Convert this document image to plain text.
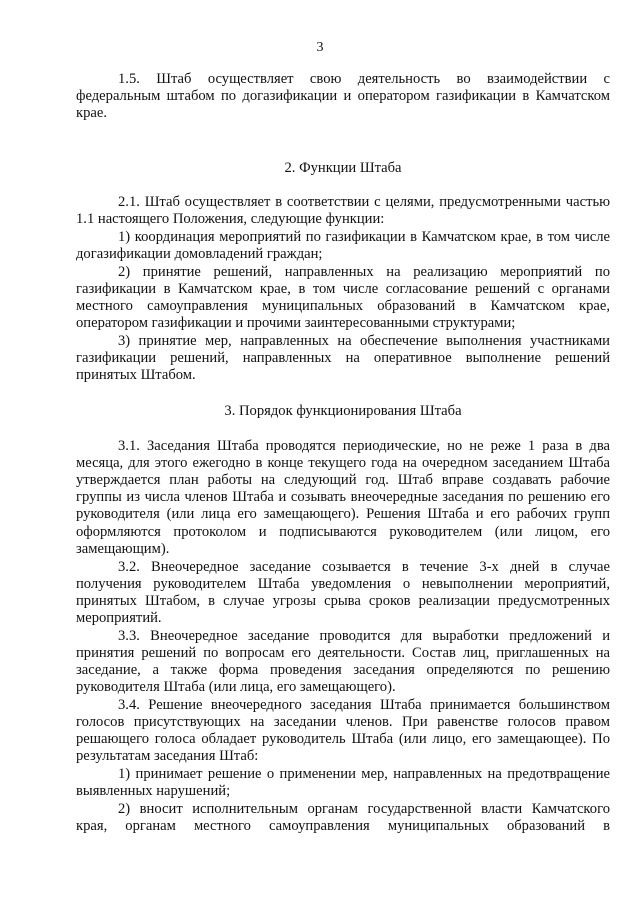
3

1.5. Штаб осуществляет свою деятельность во взаимодействии с

федеральным штабом по догазификации и оператором газификации в Камчатском

крае.

2. Функции Штаба

2.1. Штаб осуществляет в соответствии с целями, предусмотренными частью

1.1 настоящего Положения, следующие функции:

1) координация мероприятий по газификации в Камчатском крае, в том числе

догазификации домовладений граждан;

2) принятие решений, направленных на реализацию мероприятий по

газификации в Камчатском крае, в том числе согласование решений с органами

местного самоуправления муниципальных образований в Камчатском крае,

оператором газификации и прочими заинтересованными структурами;

3) принятие мер, направленных на обеспечение выполнения участниками

газификации решений, направленных на оперативное выполнение решений

принятых Штабом.

3. Порядок функционирования Штаба

3.1. Заседания Штаба проводятся периодические, но не реже 1 раза в два

месяца, для этого ежегодно в конце текущего года на очередном заседанием Штаба

утверждается план работы на следующий год. Штаб вправе создавать рабочие

группы из числа членов Штаба и созывать внеочередные заседания по решению его

руководителя (или лица его замещающего). Решения Штаба и его рабочих групп

оформляются протоколом и подписываются руководителем (или лицом, его

замещающим).

3.2. Внеочередное заседание созывается в течение 3-х дней в случае

получения руководителем Штаба уведомления о невыполнении мероприятий,

принятых Штабом, в случае угрозы срыва сроков реализации предусмотренных

мероприятий.

3.3. Внеочередное заседание проводится для выработки предложений и

принятия решений по вопросам его деятельности. Состав лиц, приглашенных на

заседание, а также форма проведения заседания определяются по решению

руководителя Штаба (или лица, его замещающего).

3.4. Решение внеочередного заседания Штаба принимается большинством

голосов присутствующих на заседании членов. При равенстве голосов правом

решающего голоса обладает руководитель Штаба (или лицо, его замещающее). По

результатам заседания Штаб:

1) принимает решение о применении мер, направленных на предотвращение

выявленных нарушений;

2) вносит исполнительным органам государственной власти Камчатского

края, органам местного самоуправления муниципальных образований в
